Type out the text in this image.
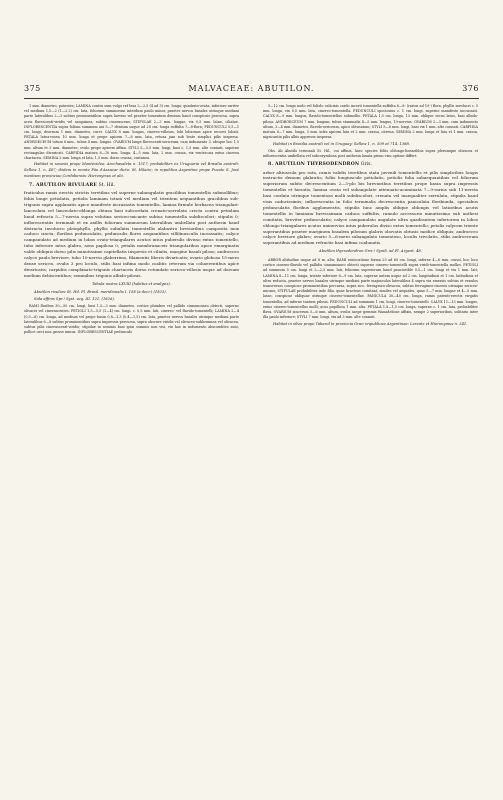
375	MALVACEAE: ABUTILON.	376

1 mm. diametro, patentes; LAMINA contra sum vulgo ref lexa 2—2,5 (4 ad 5) cm. longa, quadrato-ovata, inferiore rariter vel medium 1,5—2 (1—2,2) cm. lata, foliorum summorum interdum paulo minor, praeter nervos basales utrinque mediani parte lateralibus 2—3 subtus prominentibus supra laevius vel praeter tomentum densum haud conspicuis percursa, supra acris flavescenti-viridis vel sanguinea, subtus cinerascens; STIPULAE 2—3 mm. longae, vix 0,5 mm. latae, ciliatae. INFLORESCENTIA supra folium summum axi 5—7 densum usque ad 20 cm. longa suffulta 7—8-flora; PEDUNCULI 0,5—1 cm. longi, deorsum 1 mm. diametro, curvi. CALYX 8 mm. longus, cinereo-villosus, lobi lobiorum apice recurvi lobati. PETALA lutea-rosea 10 mm. longa et prope apicem 7—8 mm. lata, retusa jam sub lente simplici pilis inspersa. ANDROECEUM totum 6 mm., tubus 4 mm. longus. OVARIUM longe flavescenti-sericeum, cum indumento 3, absque hoc 1,5 mm. altum et 3 mm. diametro; ovulo prope apicem affixa. STYLI 5—5,5 mm. longi, basi c. 1,5 mm. alte connati, superne rectangulae divaricati. CARPIDIA matura 8—10 mm. longa, 4—5 mm. lata, 2 mm. crassa, vix ventricosa extus cinerea chartacea. SEMINA 2 mm. longa et lata, 1,5 mm. dorso crassa, castanea.

Habitat in saxosis prope Montevideo: Arechavaleta n. 1517; probabiliter ex Uruguaria vel Brasilia australi: Sellow 1. n. 467; ibidem in monte Pão d'Assucar dicto: St. Hilaire; in republica Argentina prope Puesto S. José mantium provinciae Cordobensis: Hieronymus et alii.

7. ABUTILON RIVULARE St. Hil.

fruticulus ramis erectis strictis teretibus vel superne subangulatis gracilibus tomentellis submollibus; foliis longe petiolatis, petiolis laminam totam vel medium vel trientem aequantibus gracilibus sub-trigonis supra applanatis apice manifeste incrassatis tomentellis, lamina firmule herbacea triangulari-lanceolata vel lanceolato-oblonga obtusa basi subcordata crenato-serrulata crecta contra petiolum haud refracta 5—7-nervia supra velutina sericeo-micante subtus tomentella subdiscolori; stipulis 0; inflorescentiis terminali et ex axillis foliorum summorum lateralibus umbellata post anthesin haud distracta involucro pleiophyllo, phyllis subulatis tomentellis alabastro brevioribus composita mox caduco cincta; floribus pedunculatis, pedunculis flores aequantibus villilinusculis incrassatis; calyce campanulato ad medium in lobos ovato-triangulares acutos intus puberulis divisso extus tomentello, tubo inferiore intus glabro, aens papilosa 0; petalis membranaceis triangularibus apice emarginatis valde obliquis dorso pilis minutissime capitellatis inspersis et ciliatis, margine basali piloso; androeceo calyce paulo breviore, tubo 10-nervio glaberrimo, filamentis liberis divaricatis; ovario globoso 15-mero dense sericeo, ovulis 3 pro loculo, stilis basi infima modo coalitis ceterum via cohaerentibus apice divaricatis; carpidiis complanato-trigonis chartaceis dorso rotundato sericeo-villosis usque ad dorsum medium dehiscentibus; seminibus trigonis albido-pilosis.

Tabula nostra LXVIII (habitus et analysis).

Abutilon rivulare St. Hil. Fl. Brasil. meridionalis I. 158 (a decr.) (1825).

Sida affinis Spr.! Syst. veg. III. 121. (1826).

RAMI floribus 30—50 cm. longi, basi 1,5—3 mm. diametro, cortice plumbeo vel pallido cinnamomeo obtecti, superne olivacei vel cinerascentes. PETIOLI 1,5—5,5 (1—4) cm. longi, c. 0,5 mm. lati, cinereo- vel flavido-tomentelli; LAMINA 2—4 (0,5—6) cm. longa, ad medium vel prope basin 0,8—1,3 (0,4—1,5) cm. lata, praeter nervos basales utrinque mediani parte lateralibus 6—8 subtus prominentibus supra impressis percursa, supra obscure viridis vel olivaceo-subbrunnea vel olivacea, subtus pilis cinerascenti-viridis; stipulae in seminis basi ipsis somniis non visi, vix hae in indumento abscondites sunt, pollice circi non grosse minus. INFLORESCENTIAE pedunculo

5—12 cm. longo nodo vel foliolo calicinis cardo incerti tomentella suffulta 6—8- (rarius ad 10-) flora, phyllis involucri c. 5 mm. longa, vix 0,5 mm. lata, cinereo-tomentella. PEDUNCULI speciosius c. 1 cm. longi, superne manifeste incrassati. CALYX 8—9 mm. longus, flavido-tomentellus submollis. PETALA 1,5 cm. longa, 13 mm. oblique secus latus, basi albido-pilosa. ANDROECEUM 7 mm. longum, tubus staminalis 4—5 mm. longus, 10-nervius. OVARIUM 2—3 mm. cum indumento altum, 3—4 mm. diametro, flavido-sericeum, apice obtusatum; STYLI 5—6 mm. longi, basi vix 1 mm. alte connati. CARPIDIA matura 6—7 mm. longa, 5 mm. infra apicem lata et 2 mm. crassa, citrena. SEMINA 2 mm. longa et lata et 1 mm. crassa, nigricantia pilis albis appresse inspersa.

Habitat in Brasilia australi vel in Uruguay: Sellow 1. n. 509 et 714, 1388.

Obs. Ab Abutilo terminali St. Hil., cui affinis, haec species foliis oblongo-lineariblus supra plerumque olivacea et inflorescentia umbellata vel subcorymbosa post anthesin laxata primo visu optime differt.

8. ABUTILON THYRSODENDRON Gris.

arbor altiuscula pro rata, ramis validis teretibus statu juvenili tomentellis et pilis simplicibus longis instructis demum glabratis; foliis longiuscule petiolatis, petiolis folia subaequantibus vel foliorum superiorum subito decrescentium 2—3-plo bis brevioribus teretibus prope basin supra impressis tomentellis et hirsutis, lamina ovata vel subangulate attenuato-acuminata 7—9-rarius sub 11-nervia basi cordata utrinque tomentosa molli subdiscolori, crenata vel inaequaliter serrulata, stipulis haud visis caducissimis; inflorescentia in folio terminalis decrescentia paniculata floribunda, speciabus pedunculatis floribus agglomeratis, stipulis hinc amplis oblique oblongis vel latioribus acutis tomentellis in laminam brevissimam caduca suffultis, ramulo accessorio minutissimo sub anthesi comitatis, breviter pedunculatis; calyce campanulato angulate ultra quadrantem inferiorem in lobos oblongo-triangulares acutos uninervios intus puberulos diviso extus tomentello; petalis calycem triente superantibus praeter marginem basalem pilosum glabris obovatis obtusis modice obliquis; androeceo calyce breviore glabro; ovario 5—6-mero subangulato tomentoso, loculis trivolatis, stilis androeceum superantibus ad medium refractis basi infima coalunatis.

Abutilon thyrsodendron Gris.! Symb. ad Fl. Argent. 48.

ARBOR altitudine usque ad 8 m. alta; RAMI exsiccatione forma 25 ad 60 cm. longi, inferne 4—6 mm. crassi, hoc loco cortice cinereo-flavido vel pallidis cinnamomeo obtecti superne cinereo-tomentelli supra viridi-tomentella molles. PETIOLI ad summum 5 cm. longi et 2—2,5 mm. lati, foliorum superiorum haud pauciorible 0,5—1 cm. longi et vix 1 mm. lati; LAMINA 8—11 cm. longa, triente inferiore 6—9 cm. lata, superne autem usque ad 2 cm. longitudinis et 1 cm. latitudinis et ultra reducta, praeter nervos basales utrinque mediani parte majusculos lateralibus 4 supra vix emersis subtus et venulos transversos conspicue prominentibus percursa, supra sicc. ferrugineo-olivacea, subtus ferrugineo-cinerea utrinque sericeo-micans; STIPULAE probabiliter inde filia, quae bracteas comitant, similes vel aequales, quae 5—7 mm. longae et 4—5 mm. latae, conspicue obliquae utrinque cinereo-tomentellae. PANICULA 30—40 cm. longa, ramis patenti-erectis virgatis tomentellis, ad inferne tantum pilosis. PEDUNCULI ad summum 1 cm. longi, cinereo-tomentelli. CALYX 11—13 mm. longus, extus cinereo-tomentellus molli; acus papillosa 1 mm. alta. PETALA 1,8—1,5 cm. longa, superne c. 1 cm. lata, probabiliter flava. OVARIUM sincerum 5—6 mm. altum, ovulis saepe gemmis Wanadelicae affixis, nempe 2 superioribus, solitario inter illa paulo inferiore; STYLI 7 mm. longi, vix ad 3 mm. alte connati.

Habitat in silvis prope Tabarol in provincia Oran reipublicae Argentinae: Lorentz et Hieronymus n. 341.
